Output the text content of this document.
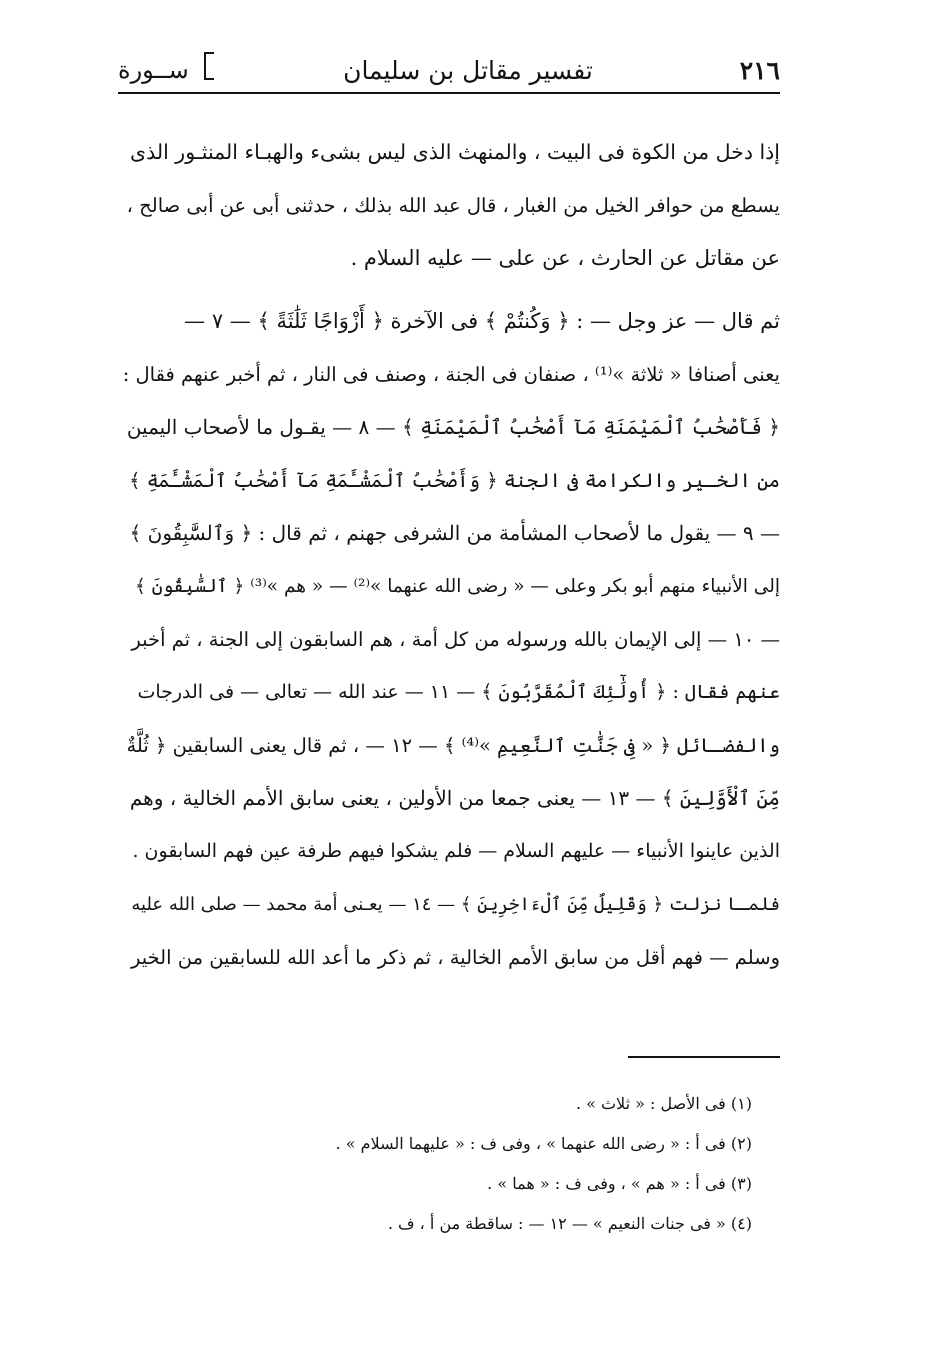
٢١٦
تفسير مقاتل بن سليمان
ســورة

إذا دخل من الكوة فى البيت ، والمنهث الذى ليس بشىء والهبـاء المنثـور الذى

يسطع من حوافر الخيل من الغبار ، قال عبد الله بذلك ، حدثنى أبى عن أبى صالح ،

عن مقاتل عن الحارث ، عن على — عليه السلام .

ثم قال — عز وجل — : ﴿ وَكُنتُمْ ﴾ فى الآخرة ﴿ أَزْوَاجًا ثَلَٰثَةً ﴾ — ٧ —

يعنى أصنافا « ثلاثة »⁽¹⁾ ، صنفان فى الجنة ، وصنف فى النار ، ثم أخبر عنهم فقال :

﴿ فَأَصْحَٰبُ ٱلْمَيْمَنَةِ مَآ أَصْحَٰبُ ٱلْمَيْمَنَةِ ﴾ — ٨ — يقـول ما لأصحاب اليمين

من الخـير والكرامة فى الجنة ﴿ وَأَصْحَٰبُ ٱلْمَشْـَٔمَةِ مَآ أَصْحَٰبُ ٱلْمَشْـَٔمَةِ ﴾

— ٩ — يقول ما لأصحاب المشأمة من الشرفى جهنم ، ثم قال : ﴿ وَٱلسَّٰبِقُونَ ﴾

إلى الأنبياء منهم أبو بكر وعلى — « رضى الله عنهما »⁽²⁾ — « هم »⁽³⁾ ﴿ ٱلسَّٰبِقُونَ ﴾

— ١٠ — إلى الإيمان بالله ورسوله من كل أمة ، هم السابقون إلى الجنة ، ثم أخبر

عنهم فقال : ﴿ أُولَٰٓئِكَ ٱلْمُقَرَّبُونَ ﴾ — ١١ — عند الله — تعالى — فى الدرجات

والفضـائل ﴿ « فِى جَنَّٰتِ ٱلنَّعِيمِ »⁽⁴⁾ ﴾ — ١٢ — ، ثم قال يعنى السابقين ﴿ ثُلَّةٌ

مِّنَ ٱلْأَوَّلِينَ ﴾ — ١٣ — يعنى جمعا من الأولين ، يعنى سابق الأمم الخالية ، وهم

الذين عاينوا الأنبياء — عليهم السلام — فلم يشكوا فيهم طرفة عين فهم السابقون .

فلمـا نزلت ﴿ وَقَلِيلٌ مِّنَ ٱلْءَاخِرِينَ ﴾ — ١٤ — يعـنى أمة محمد — صلى الله عليه

وسلم — فهم أقل من سابق الأمم الخالية ، ثم ذكر ما أعد الله للسابقين من الخير

(١) فى الأصل : « ثلاث » .

(٢) فى أ : « رضى الله عنهما » ، وفى ف : « عليهما السلام » .

(٣) فى أ : « هم » ، وفى ف : « هما » .

(٤) « فى جنات النعيم » — ١٢ — : ساقطة من أ ، ف .
